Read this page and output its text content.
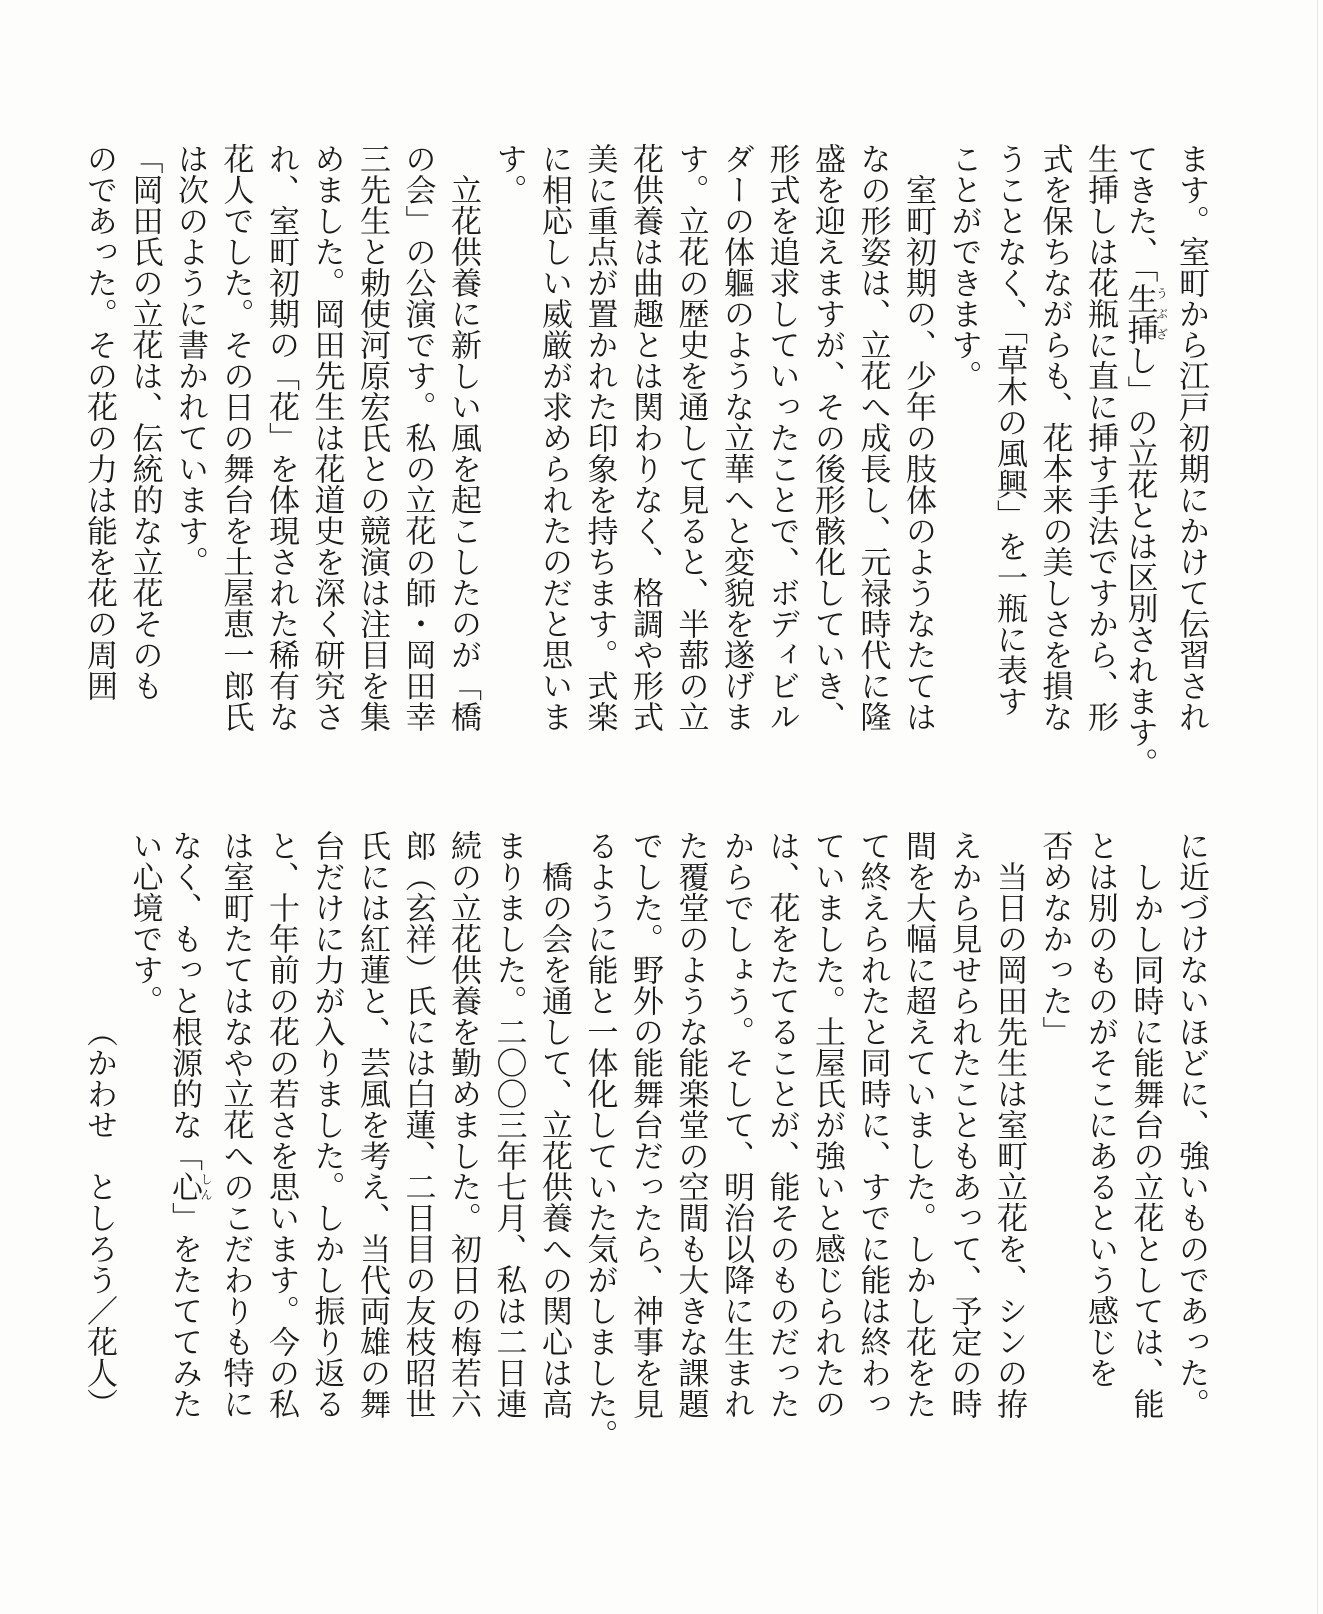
ます。室町から江戸初期にかけて伝習され

てきた、「生挿うぶざし」の立花とは区別されます。

生挿しは花瓶に直に挿す手法ですから、形

式を保ちながらも、花本来の美しさを損な

うことなく、「草木の風興」を一瓶に表す

ことができます。

室町初期の、少年の肢体のようなたては

なの形姿は、立花へ成長し、元禄時代に隆

盛を迎えますが、その後形骸化していき、

形式を追求していったことで、ボディビル

ダーの体軀のような立華へと変貌を遂げま

す。立花の歴史を通して見ると、半蔀の立

花供養は曲趣とは関わりなく、格調や形式

美に重点が置かれた印象を持ちます。式楽

に相応しい威厳が求められたのだと思いま

す。

立花供養に新しい風を起こしたのが「橋

の会」の公演です。私の立花の師・岡田幸

三先生と勅使河原宏氏との競演は注目を集

めました。岡田先生は花道史を深く研究さ

れ、室町初期の「花」を体現された稀有な

花人でした。その日の舞台を土屋恵一郎氏

は次のように書かれています。

「岡田氏の立花は、伝統的な立花そのも

のであった。その花の力は能を花の周囲

に近づけないほどに、強いものであった。

しかし同時に能舞台の立花としては、能

とは別のものがそこにあるという感じを

否めなかった」

当日の岡田先生は室町立花を、シンの拵

えから見せられたこともあって、予定の時

間を大幅に超えていました。しかし花をた

て終えられたと同時に、すでに能は終わっ

ていました。土屋氏が強いと感じられたの

は、花をたてることが、能そのものだった

からでしょう。そして、明治以降に生まれ

た覆堂のような能楽堂の空間も大きな課題

でした。野外の能舞台だったら、神事を見

るように能と一体化していた気がしました。

橋の会を通して、立花供養への関心は高

まりました。二〇〇三年七月、私は二日連

続の立花供養を勤めました。初日の梅若六

郎（玄祥）氏には白蓮、二日目の友枝昭世

氏には紅蓮と、芸風を考え、当代両雄の舞

台だけに力が入りました。しかし振り返る

と、十年前の花の若さを思います。今の私

は室町たてはなや立花へのこだわりも特に

なく、もっと根源的な「心しん」をたててみた

い心境です。

（かわせ　としろう／花人）
